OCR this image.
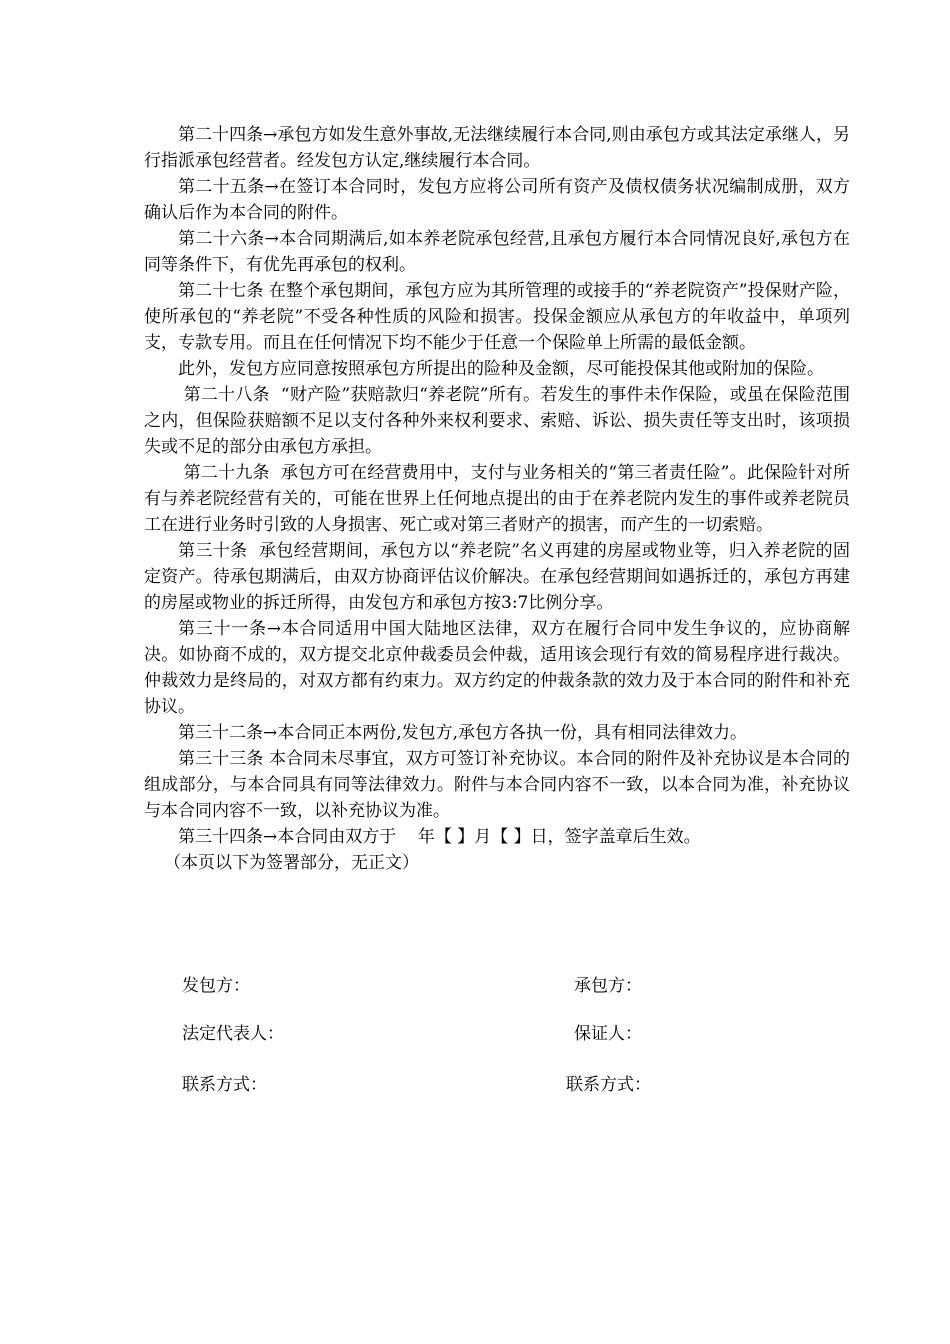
第二十四条→承包方如发生意外事故,无法继续履行本合同,则由承包方或其法定承继人，另行指派承包经营者。经发包方认定,继续履行本合同。

第二十五条→在签订本合同时，发包方应将公司所有资产及债权债务状况编制成册，双方确认后作为本合同的附件。

第二十六条→本合同期满后,如本养老院承包经营,且承包方履行本合同情况良好,承包方在同等条件下，有优先再承包的权利。

第二十七条 在整个承包期间，承包方应为其所管理的或接手的“养老院资产”投保财产险，使所承包的“养老院”不受各种性质的风险和损害。投保金额应从承包方的年收益中，单项列支，专款专用。而且在任何情况下均不能少于任意一个保险单上所需的最低金额。

此外，发包方应同意按照承包方所提出的险种及金额，尽可能投保其他或附加的保险。

第二十八条  “财产险”获赔款归“养老院”所有。若发生的事件未作保险，或虽在保险范围之内，但保险获赔额不足以支付各种外来权利要求、索赔、诉讼、损失责任等支出时，该项损失或不足的部分由承包方承担。

第二十九条  承包方可在经营费用中，支付与业务相关的“第三者责任险”。此保险针对所有与养老院经营有关的，可能在世界上任何地点提出的由于在养老院内发生的事件或养老院员工在进行业务时引致的人身损害、死亡或对第三者财产的损害，而产生的一切索赔。

第三十条  承包经营期间，承包方以“养老院”名义再建的房屋或物业等，归入养老院的固定资产。待承包期满后，由双方协商评估议价解决。在承包经营期间如遇拆迁的，承包方再建的房屋或物业的拆迁所得，由发包方和承包方按3:7比例分享。

第三十一条→本合同适用中国大陆地区法律，双方在履行合同中发生争议的，应协商解决。如协商不成的，双方提交北京仲裁委员会仲裁，适用该会现行有效的简易程序进行裁决。仲裁效力是终局的，对双方都有约束力。双方约定的仲裁条款的效力及于本合同的附件和补充协议。

第三十二条→本合同正本两份,发包方,承包方各执一份，具有相同法律效力。

第三十三条 本合同未尽事宜，双方可签订补充协议。本合同的附件及补充协议是本合同的组成部分，与本合同具有同等法律效力。附件与本合同内容不一致，以本合同为准，补充协议与本合同内容不一致，以补充协议为准。

第三十四条→本合同由双方于    年【 】月【 】日，签字盖章后生效。

（本页以下为签署部分，无正文）

发包方：	承包方：
法定代表人：	保证人：
联系方式：	联系方式：
